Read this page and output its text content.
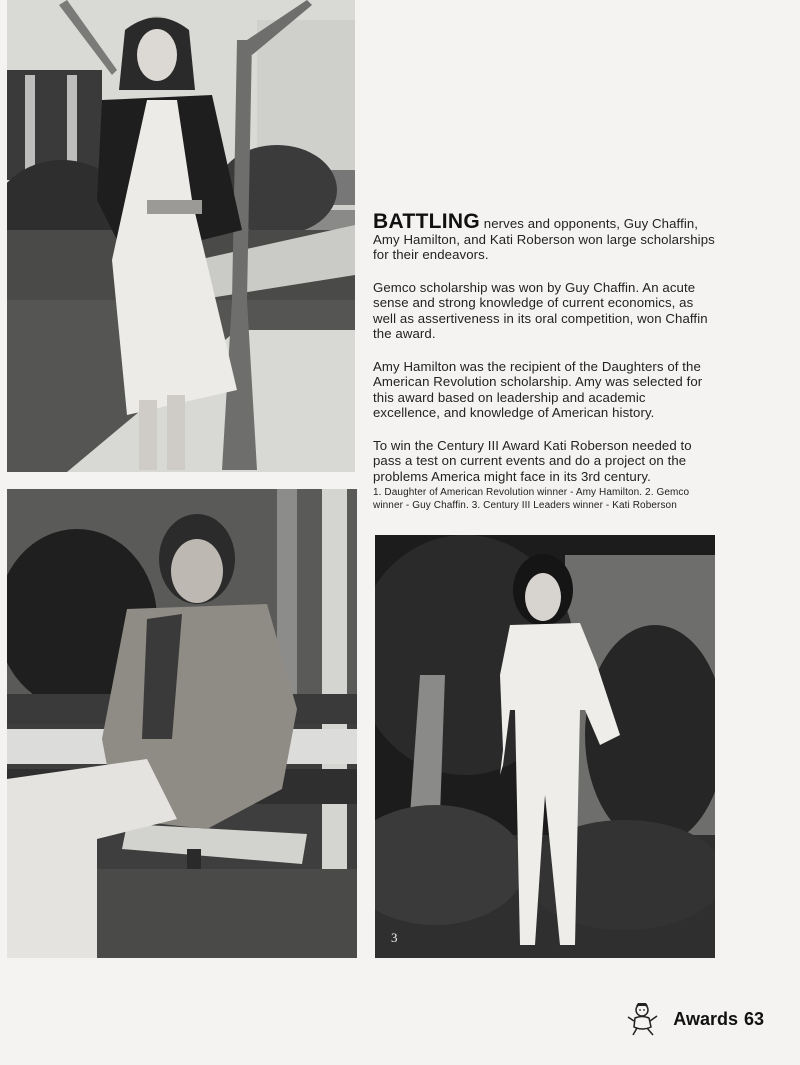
BATTLING nerves and opponents, Guy Chaffin, Amy Hamilton, and Kati Roberson won large scholarships for their endeavors.

Gemco scholarship was won by Guy Chaffin. An acute sense and strong knowledge of current economics, as well as assertiveness in its oral competition, won Chaffin the award.

Amy Hamilton was the recipient of the Daughters of the American Revolution scholarship. Amy was selected for this award based on leadership and academic excellence, and knowledge of American history.

To win the Century III Award Kati Roberson needed to pass a test on current events and do a project on the problems America might face in its 3rd century.

1. Daughter of American Revolution winner - Amy Hamilton. 2. Gemco winner - Guy Chaffin. 3. Century III Leaders winner - Kati Roberson
3
Awards 63
